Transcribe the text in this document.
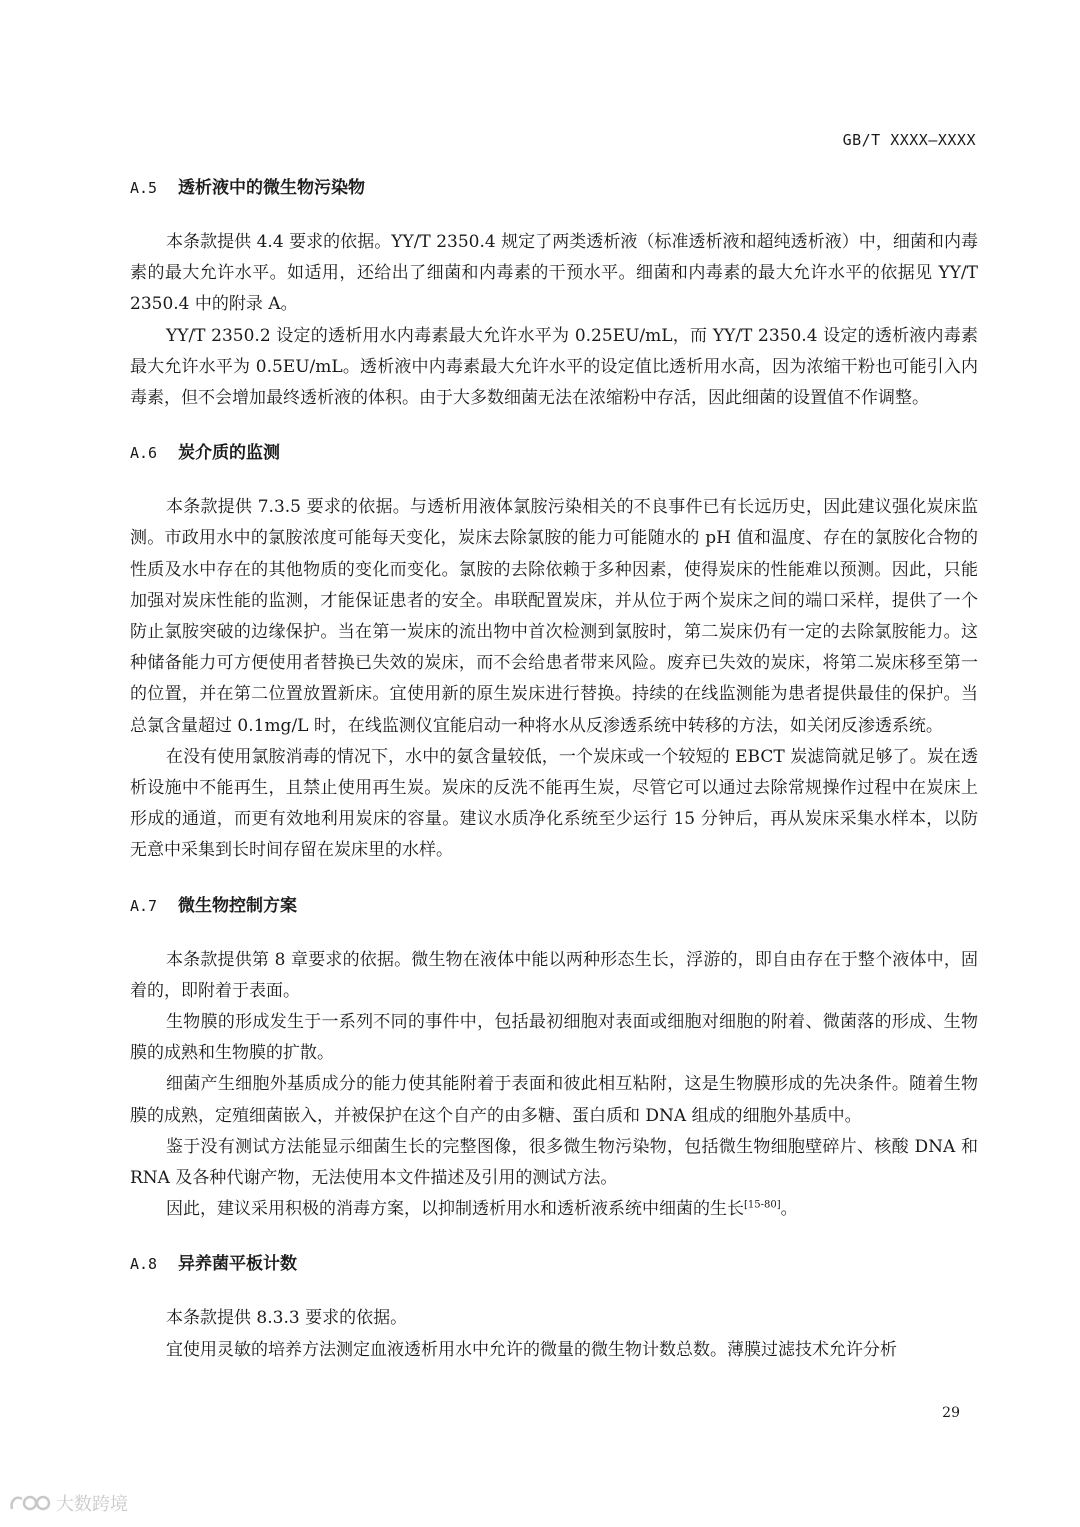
GB/T XXXX—XXXX
A.5	透析液中的微生物污染物

本条款提供 4.4 要求的依据。YY/T 2350.4 规定了两类透析液（标准透析液和超纯透析液）中，细菌和内毒素的最大允许水平。如适用，还给出了细菌和内毒素的干预水平。细菌和内毒素的最大允许水平的依据见 YY/T 2350.4 中的附录 A。

YY/T 2350.2 设定的透析用水内毒素最大允许水平为 0.25EU/mL，而 YY/T 2350.4 设定的透析液内毒素最大允许水平为 0.5EU/mL。透析液中内毒素最大允许水平的设定值比透析用水高，因为浓缩干粉也可能引入内毒素，但不会增加最终透析液的体积。由于大多数细菌无法在浓缩粉中存活，因此细菌的设置值不作调整。

A.6	炭介质的监测

本条款提供 7.3.5 要求的依据。与透析用液体氯胺污染相关的不良事件已有长远历史，因此建议强化炭床监测。市政用水中的氯胺浓度可能每天变化，炭床去除氯胺的能力可能随水的 pH 值和温度、存在的氯胺化合物的性质及水中存在的其他物质的变化而变化。氯胺的去除依赖于多种因素，使得炭床的性能难以预测。因此，只能加强对炭床性能的监测，才能保证患者的安全。串联配置炭床，并从位于两个炭床之间的端口采样，提供了一个防止氯胺突破的边缘保护。当在第一炭床的流出物中首次检测到氯胺时，第二炭床仍有一定的去除氯胺能力。这种储备能力可方便使用者替换已失效的炭床，而不会给患者带来风险。废弃已失效的炭床，将第二炭床移至第一的位置，并在第二位置放置新床。宜使用新的原生炭床进行替换。持续的在线监测能为患者提供最佳的保护。当总氯含量超过 0.1mg/L 时，在线监测仪宜能启动一种将水从反渗透系统中转移的方法，如关闭反渗透系统。

在没有使用氯胺消毒的情况下，水中的氨含量较低，一个炭床或一个较短的 EBCT 炭滤筒就足够了。炭在透析设施中不能再生，且禁止使用再生炭。炭床的反洗不能再生炭，尽管它可以通过去除常规操作过程中在炭床上形成的通道，而更有效地利用炭床的容量。建议水质净化系统至少运行 15 分钟后，再从炭床采集水样本，以防无意中采集到长时间存留在炭床里的水样。

A.7	微生物控制方案

本条款提供第 8 章要求的依据。微生物在液体中能以两种形态生长，浮游的，即自由存在于整个液体中，固着的，即附着于表面。

生物膜的形成发生于一系列不同的事件中，包括最初细胞对表面或细胞对细胞的附着、微菌落的形成、生物膜的成熟和生物膜的扩散。

细菌产生细胞外基质成分的能力使其能附着于表面和彼此相互粘附，这是生物膜形成的先决条件。随着生物膜的成熟，定殖细菌嵌入，并被保护在这个自产的由多糖、蛋白质和 DNA 组成的细胞外基质中。

鉴于没有测试方法能显示细菌生长的完整图像，很多微生物污染物，包括微生物细胞壁碎片、核酸 DNA 和 RNA 及各种代谢产物，无法使用本文件描述及引用的测试方法。

因此，建议采用积极的消毒方案，以抑制透析用水和透析液系统中细菌的生长[15-80]。

A.8	异养菌平板计数

本条款提供 8.3.3 要求的依据。

宜使用灵敏的培养方法测定血液透析用水中允许的微量的微生物计数总数。薄膜过滤技术允许分析

29
大数跨境
